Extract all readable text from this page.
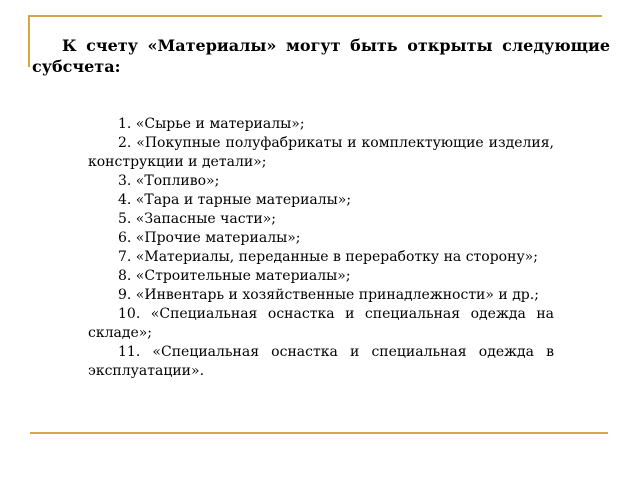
К счету «Материалы» могут быть открыты следующие субсчета:
1. «Сырье и материалы»;
2. «Покупные полуфабрикаты и комплектующие изделия, конструкции и детали»;
3. «Топливо»;
4. «Тара и тарные материалы»;
5. «Запасные части»;
6. «Прочие материалы»;
7. «Материалы, переданные в переработку на сторону»;
8. «Строительные материалы»;
9. «Инвентарь и хозяйственные принадлежности» и др.;
10. «Специальная оснастка и специальная одежда на складе»;
11. «Специальная оснастка и специальная одежда в эксплуатации».
